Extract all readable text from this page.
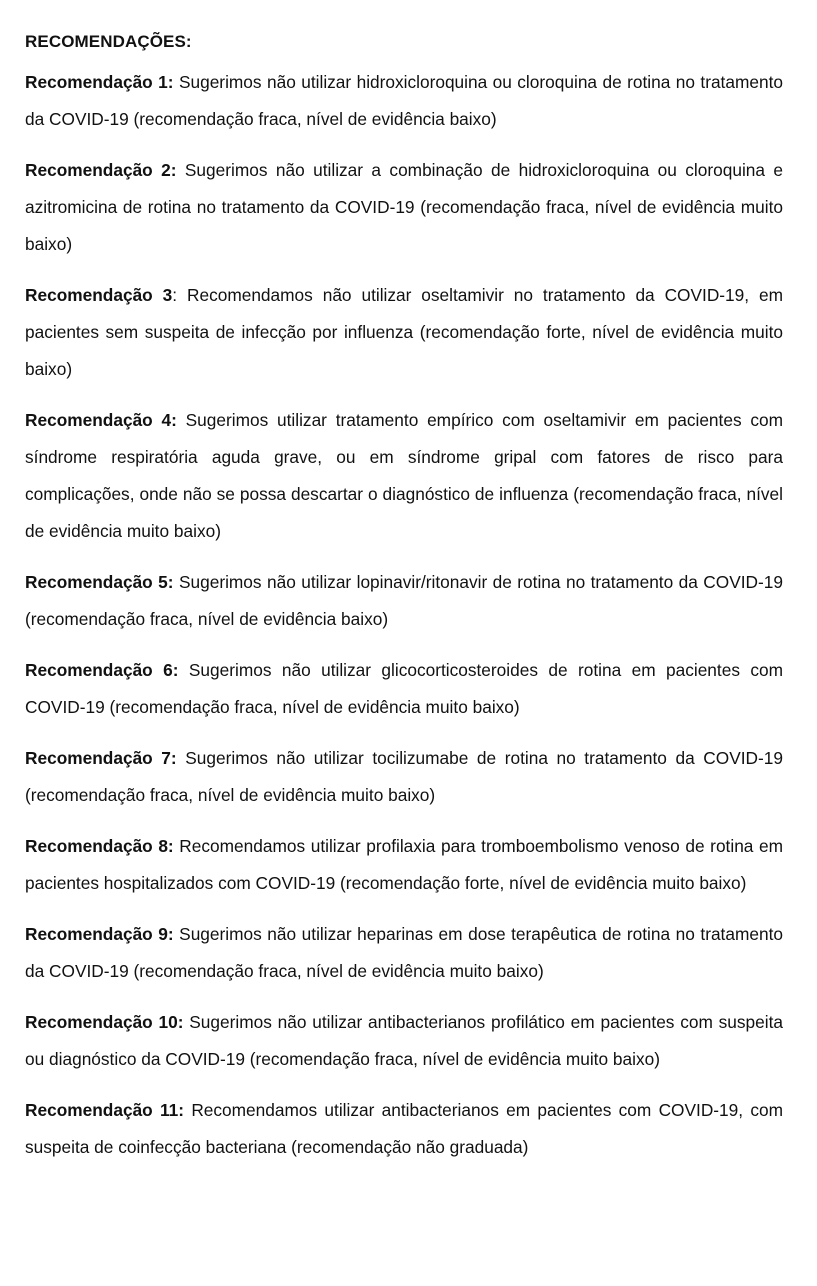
RECOMENDAÇÕES:

Recomendação 1: Sugerimos não utilizar hidroxicloroquina ou cloroquina de rotina no tratamento da COVID-19 (recomendação fraca, nível de evidência baixo)

Recomendação 2: Sugerimos não utilizar a combinação de hidroxicloroquina ou cloroquina e azitromicina de rotina no tratamento da COVID-19 (recomendação fraca, nível de evidência muito baixo)

Recomendação 3: Recomendamos não utilizar oseltamivir no tratamento da COVID-19, em pacientes sem suspeita de infecção por influenza (recomendação forte, nível de evidência muito baixo)

Recomendação 4: Sugerimos utilizar tratamento empírico com oseltamivir em pacientes com síndrome respiratória aguda grave, ou em síndrome gripal com fatores de risco para complicações, onde não se possa descartar o diagnóstico de influenza (recomendação fraca, nível de evidência muito baixo)

Recomendação 5: Sugerimos não utilizar lopinavir/ritonavir de rotina no tratamento da COVID-19 (recomendação fraca, nível de evidência baixo)

Recomendação 6: Sugerimos não utilizar glicocorticosteroides de rotina em pacientes com COVID-19 (recomendação fraca, nível de evidência muito baixo)

Recomendação 7: Sugerimos não utilizar tocilizumabe de rotina no tratamento da COVID-19 (recomendação fraca, nível de evidência muito baixo)

Recomendação 8: Recomendamos utilizar profilaxia para tromboembolismo venoso de rotina em pacientes hospitalizados com COVID-19 (recomendação forte, nível de evidência muito baixo)

Recomendação 9: Sugerimos não utilizar heparinas em dose terapêutica de rotina no tratamento da COVID-19 (recomendação fraca, nível de evidência muito baixo)

Recomendação 10: Sugerimos não utilizar antibacterianos profilático em pacientes com suspeita ou diagnóstico da COVID-19 (recomendação fraca, nível de evidência muito baixo)

Recomendação 11: Recomendamos utilizar antibacterianos em pacientes com COVID-19, com suspeita de coinfecção bacteriana (recomendação não graduada)
